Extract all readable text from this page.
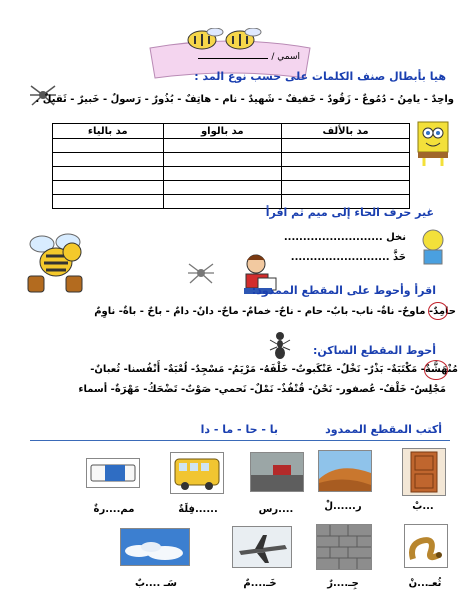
اسمي /
هيا بأبطال صنف الكلمات على حسب نوع المد :
واحِدٌ - يامِنُ - دُمُوعٌ - زَقُودٌ - خَفيفٌ - شَهيدٌ - نام - هاتِفٌ - بُذُورٌ - رَسولٌ - خَبيرٌ - ثَقيلٌ .
مد بالياء	مد بالواو	مد بالألف

غير حرف الحاء إلى ميم ثم اقرأ
نخل ..........................
حَذَّ ..........................
اقرأ وأحوط على المقطع الممدود:
حامِدٌ- ماوحٌ- ناةٌ- ناب- بابٌ- حام - ناحٌ- خمامٌ- ماحٌ- دانٌ- دامٌ - باحٌ - باةٌ- ناوِمٌ
أحوط المقطع الساكن:
مُنْهَشَّةٌ- مَكْتَبَةٌ- بَذْرٌ- نَخْلٌ- عَنْكَبوتٌ- خَلْفَهُ- مَرْيَمُ- مَسْجِدٌ- لُعْبَةٌ- أَنْفُسنا- ثُعبانٌ-
مَجْلِسٌ- خَلْفٌ- عُصفور- نَحْنُ- قُنْفُذٌ- نَمْلٌ- نَحمي- صَوْتٌ- تَضْحَكُ- مَهْرَةٌ- أسماء
أكتب المقطع الممدود
با - حا - ما - دا
...بْ
ر......لْ
....رس
......فِلَةٌ
مم....رةٌ
ثُعـ...نْ
جِـ....رٌ
خَـ....مٌ
سَـ ....بٌ
